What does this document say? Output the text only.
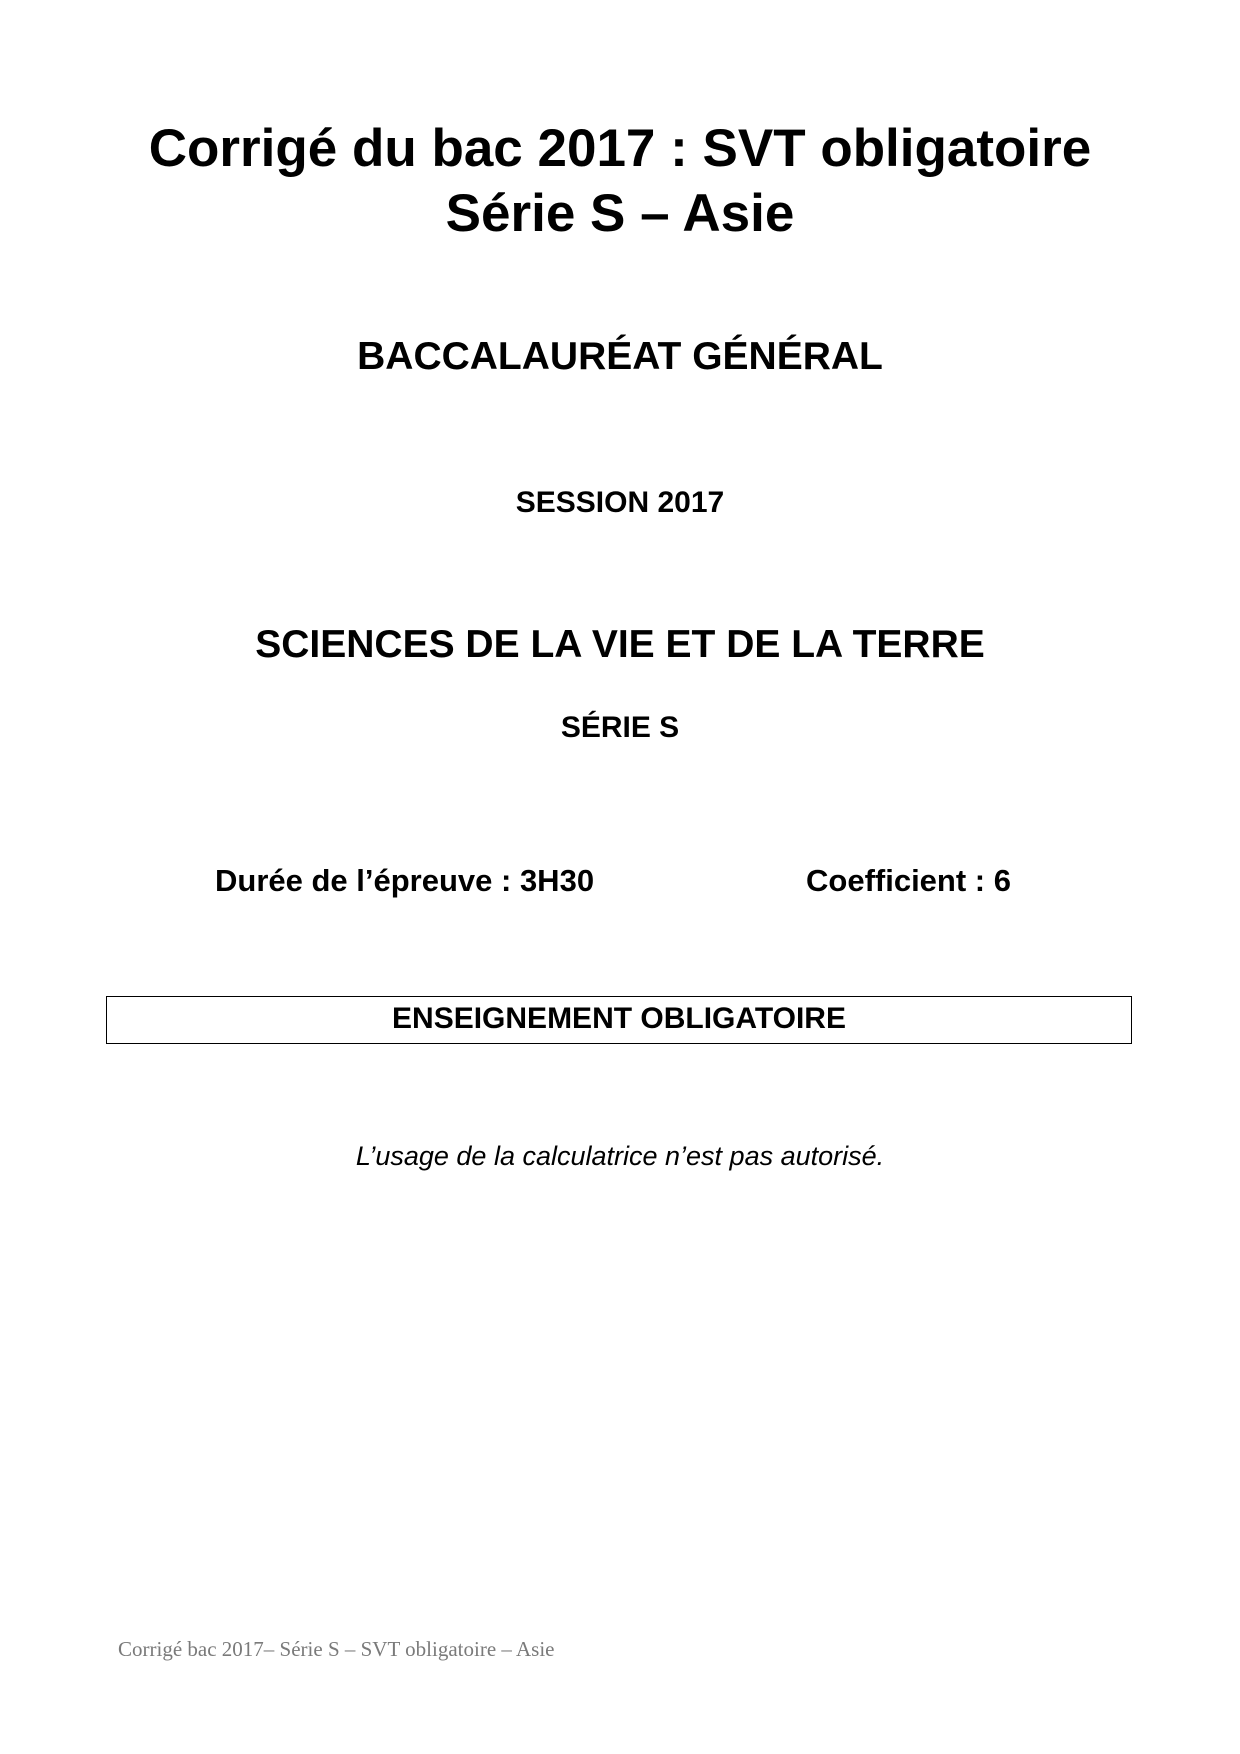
Corrigé du bac 2017 : SVT obligatoire
Série S – Asie
BACCALAURÉAT GÉNÉRAL
SESSION 2017
SCIENCES DE LA VIE ET DE LA TERRE
SÉRIE S
Durée de l’épreuve : 3H30	Coefficient : 6
ENSEIGNEMENT OBLIGATOIRE
L’usage de la calculatrice n’est pas autorisé.
Corrigé bac 2017– Série S – SVT obligatoire – Asie
